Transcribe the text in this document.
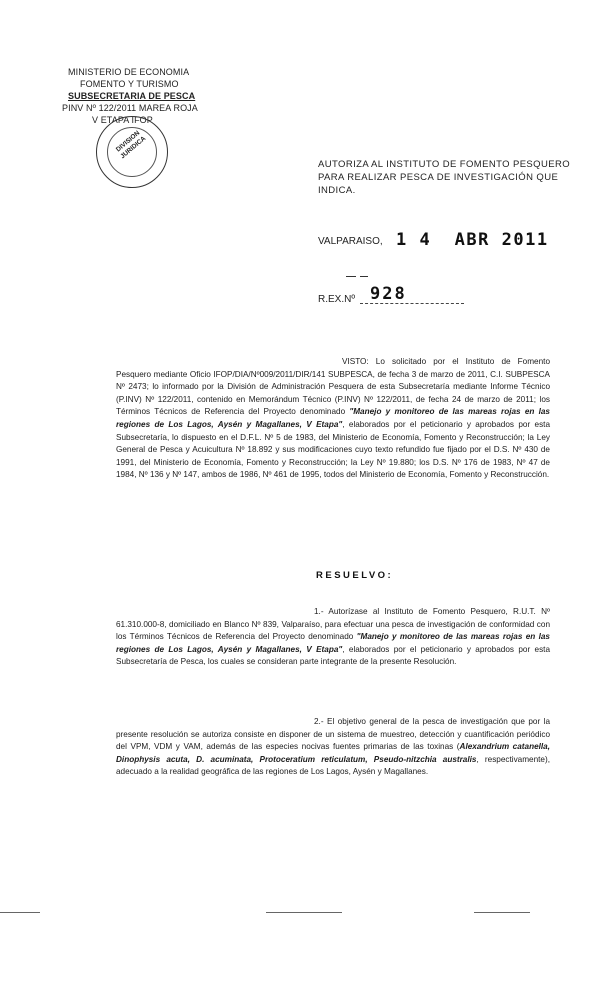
MINISTERIO DE ECONOMIA
FOMENTO Y TURISMO
SUBSECRETARIA DE PESCA
PINV Nº 122/2011 MAREA ROJA
V ETAPA IFOP
DIVISION JURIDICA
AUTORIZA AL INSTITUTO DE FOMENTO PESQUERO
PARA REALIZAR PESCA DE INVESTIGACIÓN QUE
INDICA.
VALPARAISO, 1 4  ABR 2011
R.EX.Nº 928
VISTO: Lo solicitado por el Instituto de Fomento Pesquero mediante Oficio IFOP/DIA/Nº009/2011/DIR/141 SUBPESCA, de fecha 3 de marzo de 2011, C.I. SUBPESCA Nº 2473; lo informado por la División de Administración Pesquera de esta Subsecretaría mediante Informe Técnico (P.INV) Nº 122/2011, contenido en Memorándum Técnico (P.INV) Nº 122/2011, de fecha 24 de marzo de 2011; los Términos Técnicos de Referencia del Proyecto denominado "Manejo y monitoreo de las mareas rojas en las regiones de Los Lagos, Aysén y Magallanes, V Etapa", elaborados por el peticionario y aprobados por esta Subsecretaría, lo dispuesto en el D.F.L. Nº 5 de 1983, del Ministerio de Economía, Fomento y Reconstrucción; la Ley General de Pesca y Acuicultura Nº 18.892 y sus modificaciones cuyo texto refundido fue fijado por el D.S. Nº 430 de 1991, del Ministerio de Economía, Fomento y Reconstrucción; la Ley Nº 19.880; los D.S. Nº 176 de 1983, Nº 47 de 1984, Nº 136 y Nº 147, ambos de 1986, Nº 461 de 1995, todos del Ministerio de Economía, Fomento y Reconstrucción.
RESUELVO:
1.- Autorízase al Instituto de Fomento Pesquero, R.U.T. Nº 61.310.000-8, domiciliado en Blanco Nº 839, Valparaíso, para efectuar una pesca de investigación de conformidad con los Términos Técnicos de Referencia del Proyecto denominado "Manejo y monitoreo de las mareas rojas en las regiones de Los Lagos, Aysén y Magallanes, V Etapa", elaborados por el peticionario y aprobados por esta Subsecretaría de Pesca, los cuales se consideran parte integrante de la presente Resolución.
2.- El objetivo general de la pesca de investigación que por la presente resolución se autoriza consiste en disponer de un sistema de muestreo, detección y cuantificación periódico del VPM, VDM y VAM, además de las especies nocivas fuentes primarias de las toxinas (Alexandrium catanella, Dinophysis acuta, D. acuminata, Protoceratium reticulatum, Pseudo-nitzchia australis, respectivamente), adecuado a la realidad geográfica de las regiones de Los Lagos, Aysén y Magallanes.
